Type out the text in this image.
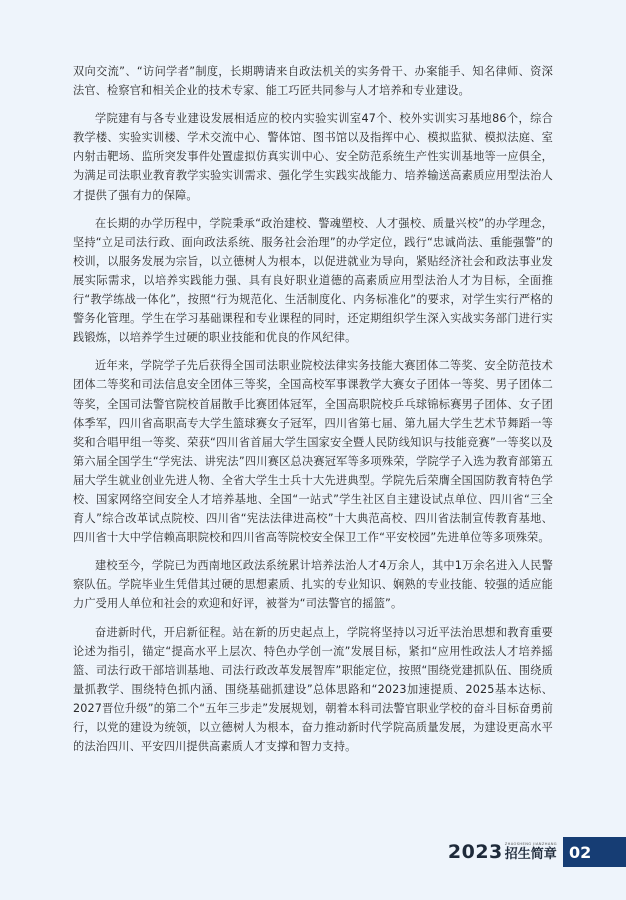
双向交流”、“访问学者”制度，长期聘请来自政法机关的实务骨干、办案能手、知名律师、资深法官、检察官和相关企业的技术专家、能工巧匠共同参与人才培养和专业建设。

学院建有与各专业建设发展相适应的校内实验实训室47个、校外实训实习基地86个，综合教学楼、实验实训楼、学术交流中心、警体馆、图书馆以及指挥中心、模拟监狱、模拟法庭、室内射击靶场、监所突发事件处置虚拟仿真实训中心、安全防范系统生产性实训基地等一应俱全，为满足司法职业教育教学实验实训需求、强化学生实践实战能力、培养输送高素质应用型法治人才提供了强有力的保障。

在长期的办学历程中，学院秉承“政治建校、警魂塑校、人才强校、质量兴校”的办学理念，坚持“立足司法行政、面向政法系统、服务社会治理”的办学定位，践行“忠诚尚法、重能强警”的校训，以服务发展为宗旨，以立德树人为根本，以促进就业为导向，紧贴经济社会和政法事业发展实际需求，以培养实践能力强、具有良好职业道德的高素质应用型法治人才为目标，全面推行“教学练战一体化”，按照“行为规范化、生活制度化、内务标准化”的要求，对学生实行严格的警务化管理。学生在学习基础课程和专业课程的同时，还定期组织学生深入实战实务部门进行实践锻炼，以培养学生过硬的职业技能和优良的作风纪律。

近年来，学院学子先后获得全国司法职业院校法律实务技能大赛团体二等奖、安全防范技术团体二等奖和司法信息安全团体三等奖，全国高校军事课教学大赛女子团体一等奖、男子团体二等奖，全国司法警官院校首届散手比赛团体冠军，全国高职院校乒乓球锦标赛男子团体、女子团体季军，四川省高职高专大学生篮球赛女子冠军，四川省第七届、第九届大学生艺术节舞蹈一等奖和合唱甲组一等奖、荣获“四川省首届大学生国家安全暨人民防线知识与技能竞赛”一等奖以及第六届全国学生“学宪法、讲宪法”四川赛区总决赛冠军等多项殊荣，学院学子入选为教育部第五届大学生就业创业先进人物、全省大学生士兵十大先进典型。学院先后荣膺全国国防教育特色学校、国家网络空间安全人才培养基地、全国“一站式”学生社区自主建设试点单位、四川省“三全育人”综合改革试点院校、四川省“宪法法律进高校”十大典范高校、四川省法制宣传教育基地、四川省十大中学信赖高职院校和四川省高等院校安全保卫工作“平安校园”先进单位等多项殊荣。

建校至今，学院已为西南地区政法系统累计培养法治人才4万余人，其中1万余名进入人民警察队伍。学院毕业生凭借其过硬的思想素质、扎实的专业知识、娴熟的专业技能、较强的适应能力广受用人单位和社会的欢迎和好评，被誉为“司法警官的摇篮”。

奋进新时代，开启新征程。站在新的历史起点上，学院将坚持以习近平法治思想和教育重要论述为指引，锚定“提高水平上层次、特色办学创一流”发展目标，紧扣“应用性政法人才培养摇篮、司法行政干部培训基地、司法行政改革发展智库”职能定位，按照“围绕党建抓队伍、围绕质量抓教学、围绕特色抓内涵、围绕基础抓建设”总体思路和“2023加速提质、2025基本达标、2027晋位升级”的第二个“五年三步走”发展规划，朝着本科司法警官职业学校的奋斗目标奋勇前行，以党的建设为统领，以立德树人为根本，奋力推动新时代学院高质量发展，为建设更高水平的法治四川、平安四川提供高素质人才支撑和智力支持。

2023 ZHAOSHENG JIANZHANG
招生简章 02
